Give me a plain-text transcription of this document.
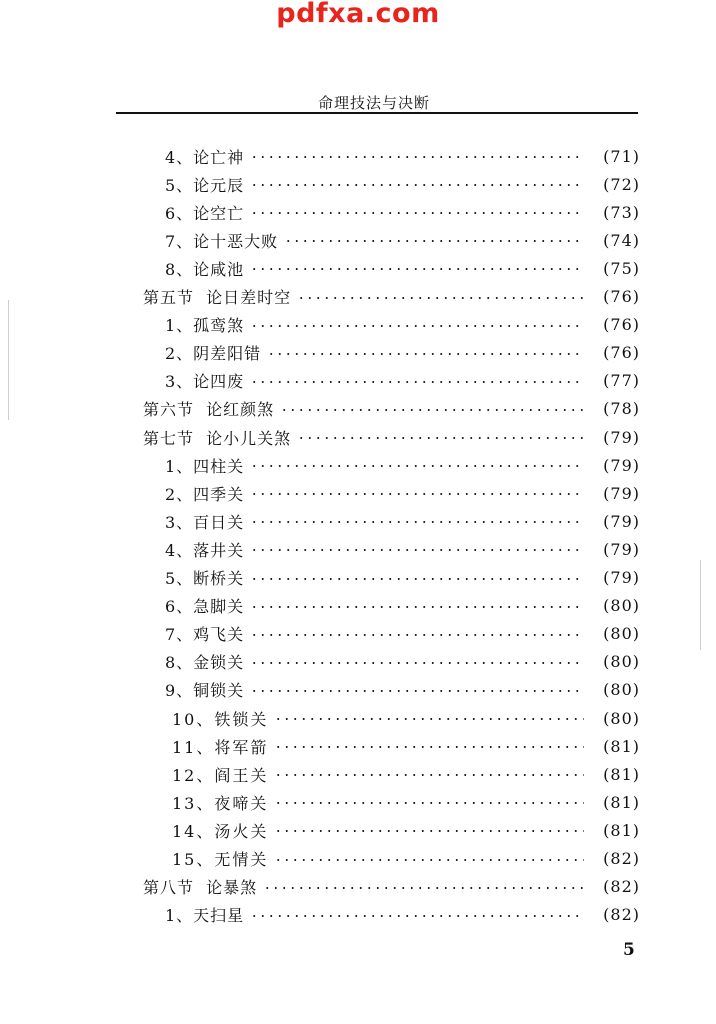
pdfxa.com
命理技法与决断
4、论亡神	(71)
5、论元辰	(72)
6、论空亡	(73)
7、论十恶大败	(74)
8、论咸池	(75)
第五节  论日差时空	(76)
1、孤鸾煞	(76)
2、阴差阳错	(76)
3、论四废	(77)
第六节  论红颜煞	(78)
第七节  论小儿关煞	(79)
1、四柱关	(79)
2、四季关	(79)
3、百日关	(79)
4、落井关	(79)
5、断桥关	(79)
6、急脚关	(80)
7、鸡飞关	(80)
8、金锁关	(80)
9、铜锁关	(80)
10、铁锁关	(80)
11、将军箭	(81)
12、阎王关	(81)
13、夜啼关	(81)
14、汤火关	(81)
15、无情关	(82)
第八节  论暴煞	(82)
1、天扫星	(82)
5
